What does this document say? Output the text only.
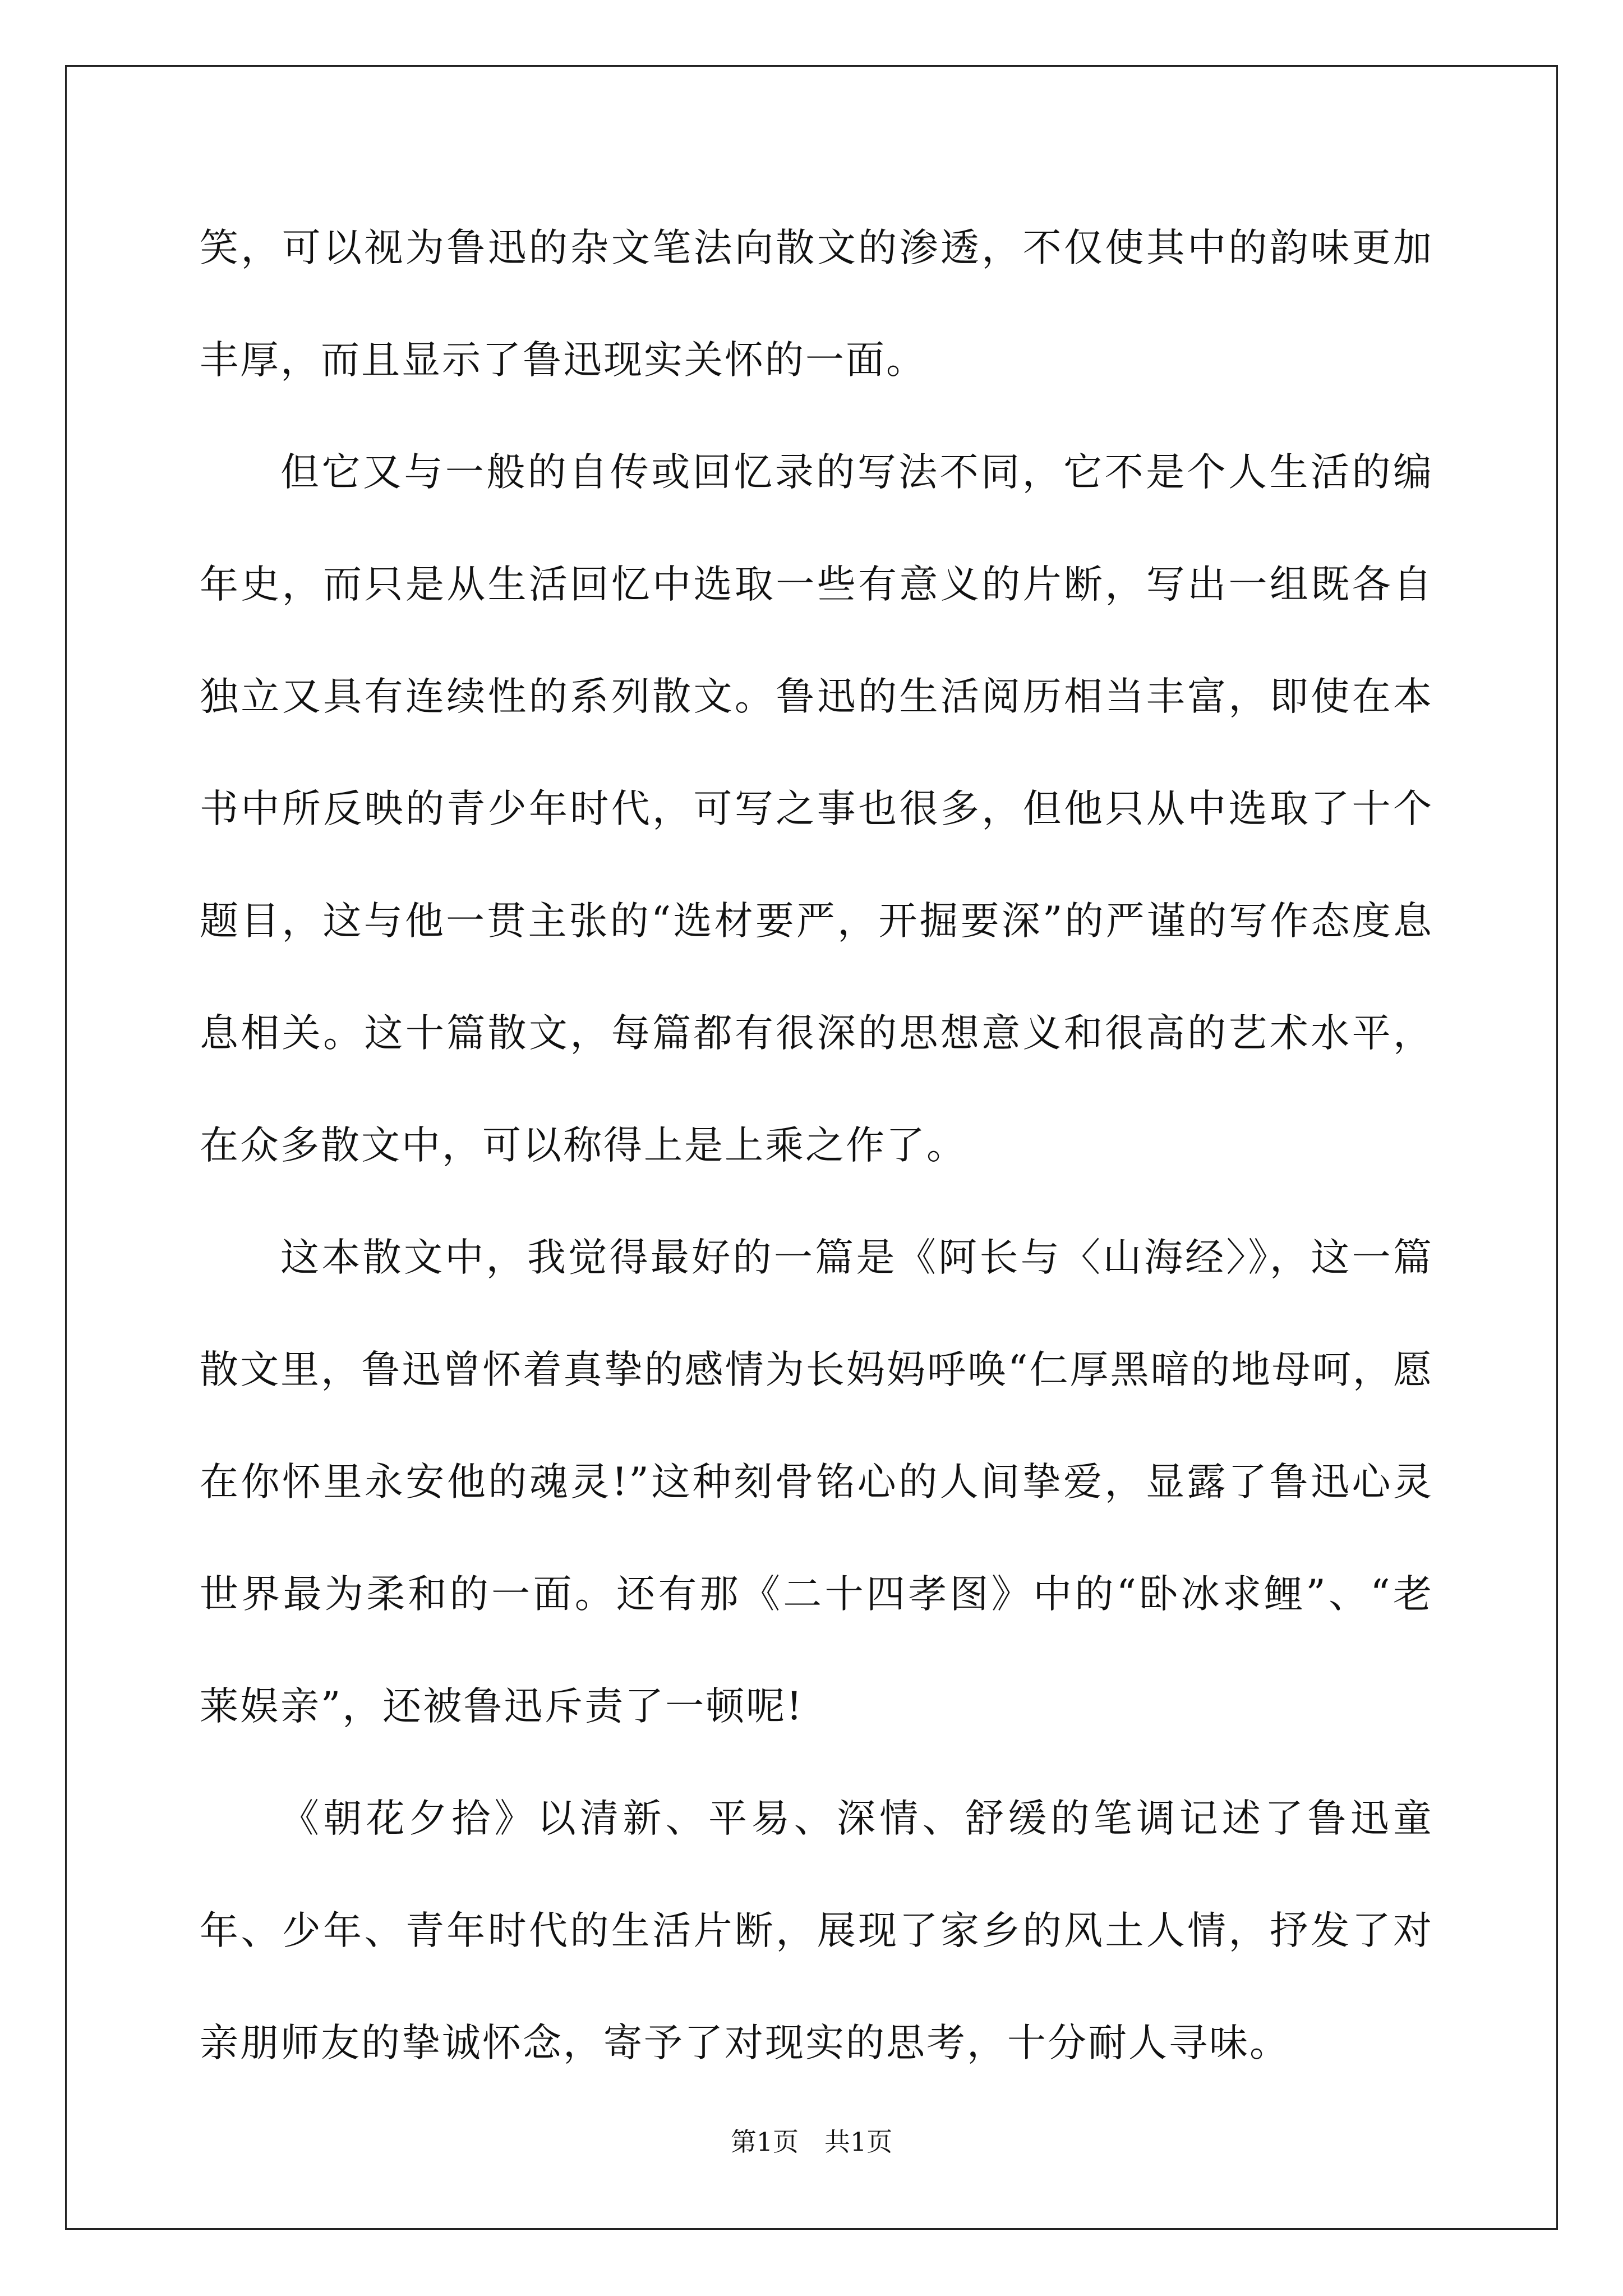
笑，可以视为鲁迅的杂文笔法向散文的渗透，不仅使其中的韵味更加丰厚，而且显示了鲁迅现实关怀的一面。

但它又与一般的自传或回忆录的写法不同，它不是个人生活的编年史，而只是从生活回忆中选取一些有意义的片断，写出一组既各自独立又具有连续性的系列散文。鲁迅的生活阅历相当丰富，即使在本书中所反映的青少年时代，可写之事也很多，但他只从中选取了十个题目，这与他一贯主张的“选材要严，开掘要深”的严谨的写作态度息息相关。这十篇散文，每篇都有很深的思想意义和很高的艺术水平，在众多散文中，可以称得上是上乘之作了。

这本散文中，我觉得最好的一篇是《阿长与〈山海经〉》，这一篇散文里，鲁迅曾怀着真挚的感情为长妈妈呼唤“仁厚黑暗的地母呵，愿在你怀里永安他的魂灵!”这种刻骨铭心的人间挚爱，显露了鲁迅心灵世界最为柔和的一面。还有那《二十四孝图》中的“卧冰求鲤”、“老莱娱亲”，还被鲁迅斥责了一顿呢!

《朝花夕拾》以清新、平易、深情、舒缓的笔调记述了鲁迅童年、少年、青年时代的生活片断，展现了家乡的风土人情，抒发了对亲朋师友的挚诚怀念，寄予了对现实的思考，十分耐人寻味。

第1页　共1页
